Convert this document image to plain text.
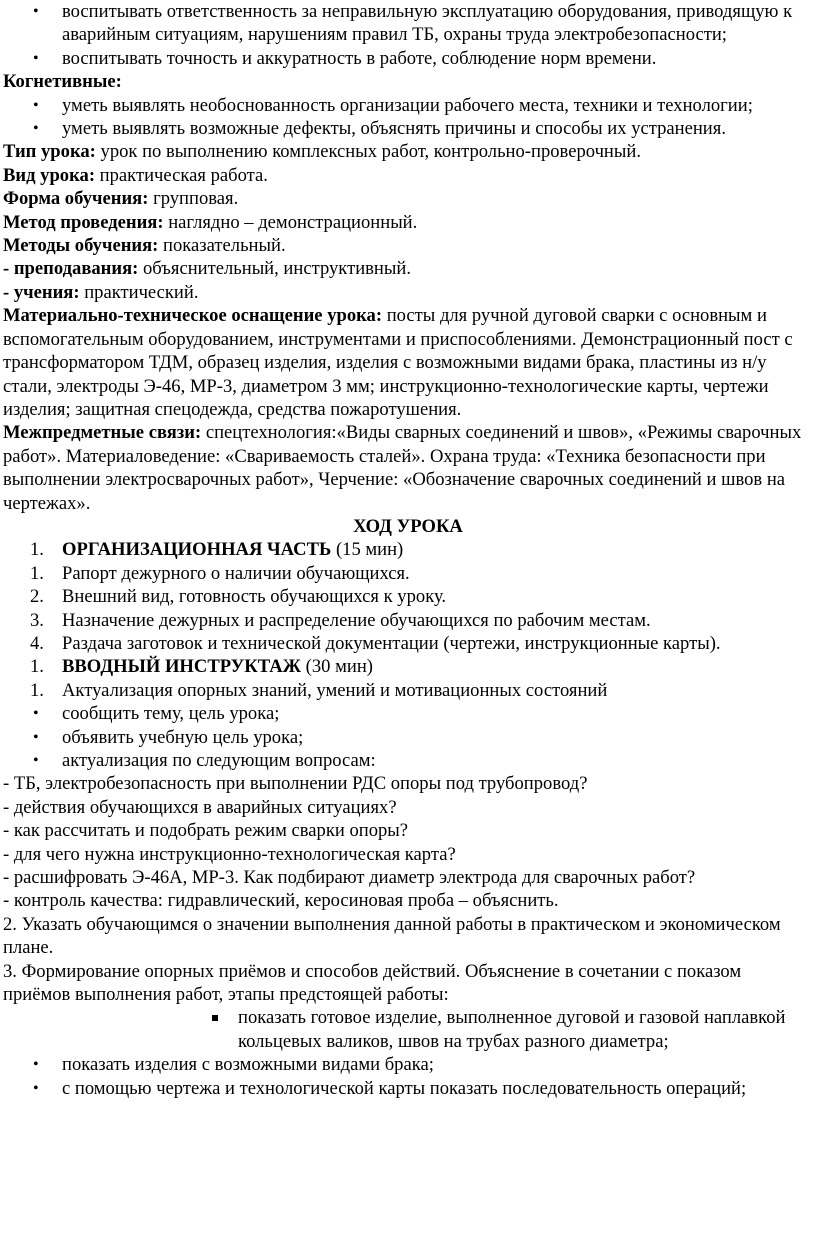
• воспитывать ответственность за неправильную эксплуатацию оборудования, приводящую к аварийным ситуациям, нарушениям правил ТБ, охраны труда электробезопасности;

• воспитывать точность и аккуратность в работе, соблюдение норм времени.

Когнетивные:

• уметь выявлять необоснованность организации рабочего места, техники и технологии;

• уметь выявлять возможные дефекты, объяснять причины и способы их устранения.

Тип урока: урок по выполнению комплексных работ, контрольно-проверочный.

Вид урока: практическая работа.

Форма обучения: групповая.

Метод проведения: наглядно – демонстрационный.

Методы обучения: показательный.

- преподавания: объяснительный, инструктивный.

- учения: практический.

Материально-техническое оснащение урока: посты для ручной дуговой сварки с основным и вспомогательным оборудованием, инструментами и приспособлениями. Демонстрационный пост с трансформатором ТДМ, образец изделия, изделия с возможными видами брака, пластины из н/у стали, электроды Э-46, МР-3, диаметром 3 мм; инструкционно-технологические карты, чертежи изделия; защитная спецодежда, средства пожаротушения.

Межпредметные связи: спецтехнология:«Виды сварных соединений и швов», «Режимы сварочных работ». Материаловедение: «Свариваемость сталей». Охрана труда: «Техника безопасности при выполнении электросварочных работ», Черчение: «Обозначение сварочных соединений и швов на чертежах».

ХОД УРОКА

1. ОРГАНИЗАЦИОННАЯ ЧАСТЬ (15 мин)

1. Рапорт дежурного о наличии обучающихся.

2. Внешний вид, готовность обучающихся к уроку.

3. Назначение дежурных и распределение обучающихся по рабочим местам.

4. Раздача заготовок и технической документации (чертежи, инструкционные карты).

1. ВВОДНЫЙ ИНСТРУКТАЖ (30 мин)

1. Актуализация опорных знаний, умений и мотивационных состояний

• сообщить тему, цель урока;

• объявить учебную цель урока;

• актуализация по следующим вопросам:

- ТБ, электробезопасность при выполнении РДС опоры под трубопровод?

- действия обучающихся в аварийных ситуациях?

- как рассчитать и подобрать режим сварки опоры?

- для чего нужна инструкционно-технологическая карта?

- расшифровать Э-46А, МР-3. Как подбирают диаметр электрода для сварочных работ?

- контроль качества: гидравлический, керосиновая проба – объяснить.

2. Указать обучающимся о значении выполнения данной работы в практическом и экономическом плане.

3. Формирование опорных приёмов и способов действий. Объяснение в сочетании с показом приёмов выполнения работ, этапы предстоящей работы:

показать готовое изделие, выполненное дуговой и газовой наплавкой кольцевых валиков, швов на трубах разного диаметра;

• показать изделия с возможными видами брака;

• с помощью чертежа и технологической карты показать последовательность операций;
